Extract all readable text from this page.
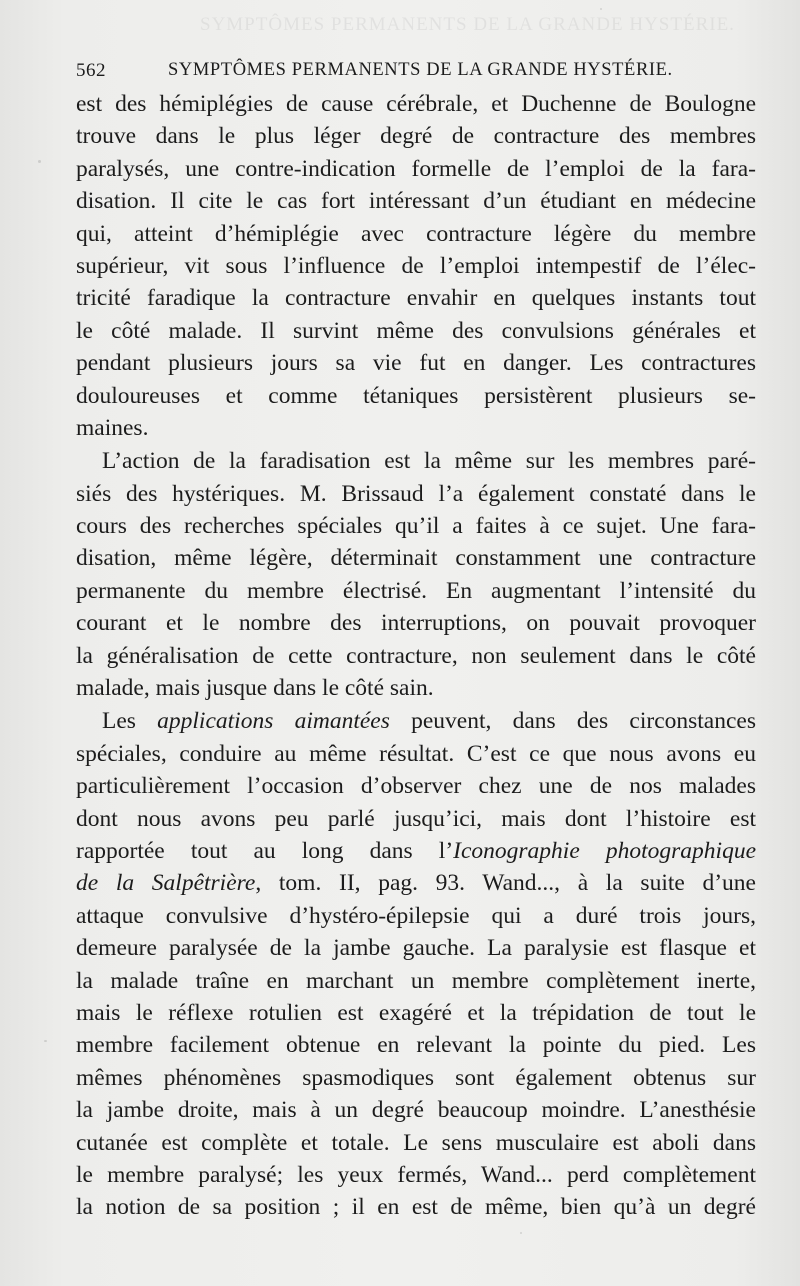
SYMPTÔMES PERMANENTS DE LA GRANDE HYSTÉRIE.
562	SYMPTÔMES PERMANENTS DE LA GRANDE HYSTÉRIE.
est des hémiplégies de cause cérébrale, et Duchenne de Boulogne
trouve dans le plus léger degré de contracture des membres
paralysés, une contre-indication formelle de l’emploi de la fara-
disation. Il cite le cas fort intéressant d’un étudiant en médecine
qui, atteint d’hémiplégie avec contracture légère du membre
supérieur, vit sous l’influence de l’emploi intempestif de l’élec-
tricité faradique la contracture envahir en quelques instants tout
le côté malade. Il survint même des convulsions générales et
pendant plusieurs jours sa vie fut en danger. Les contractures
douloureuses et comme tétaniques persistèrent plusieurs se-
maines.
L’action de la faradisation est la même sur les membres paré-
siés des hystériques. M. Brissaud l’a également constaté dans le
cours des recherches spéciales qu’il a faites à ce sujet. Une fara-
disation, même légère, déterminait constamment une contracture
permanente du membre électrisé. En augmentant l’intensité du
courant et le nombre des interruptions, on pouvait provoquer
la généralisation de cette contracture, non seulement dans le côté
malade, mais jusque dans le côté sain.
Les applications aimantées peuvent, dans des circonstances
spéciales, conduire au même résultat. C’est ce que nous avons eu
particulièrement l’occasion d’observer chez une de nos malades
dont nous avons peu parlé jusqu’ici, mais dont l’histoire est
rapportée tout au long dans l’Iconographie photographique
de la Salpêtrière, tom. II, pag. 93. Wand..., à la suite d’une
attaque convulsive d’hystéro-épilepsie qui a duré trois jours,
demeure paralysée de la jambe gauche. La paralysie est flasque et
la malade traîne en marchant un membre complètement inerte,
mais le réflexe rotulien est exagéré et la trépidation de tout le
membre facilement obtenue en relevant la pointe du pied. Les
mêmes phénomènes spasmodiques sont également obtenus sur
la jambe droite, mais à un degré beaucoup moindre. L’anesthésie
cutanée est complète et totale. Le sens musculaire est aboli dans
le membre paralysé; les yeux fermés, Wand... perd complètement
la notion de sa position ; il en est de même, bien qu’à un degré
